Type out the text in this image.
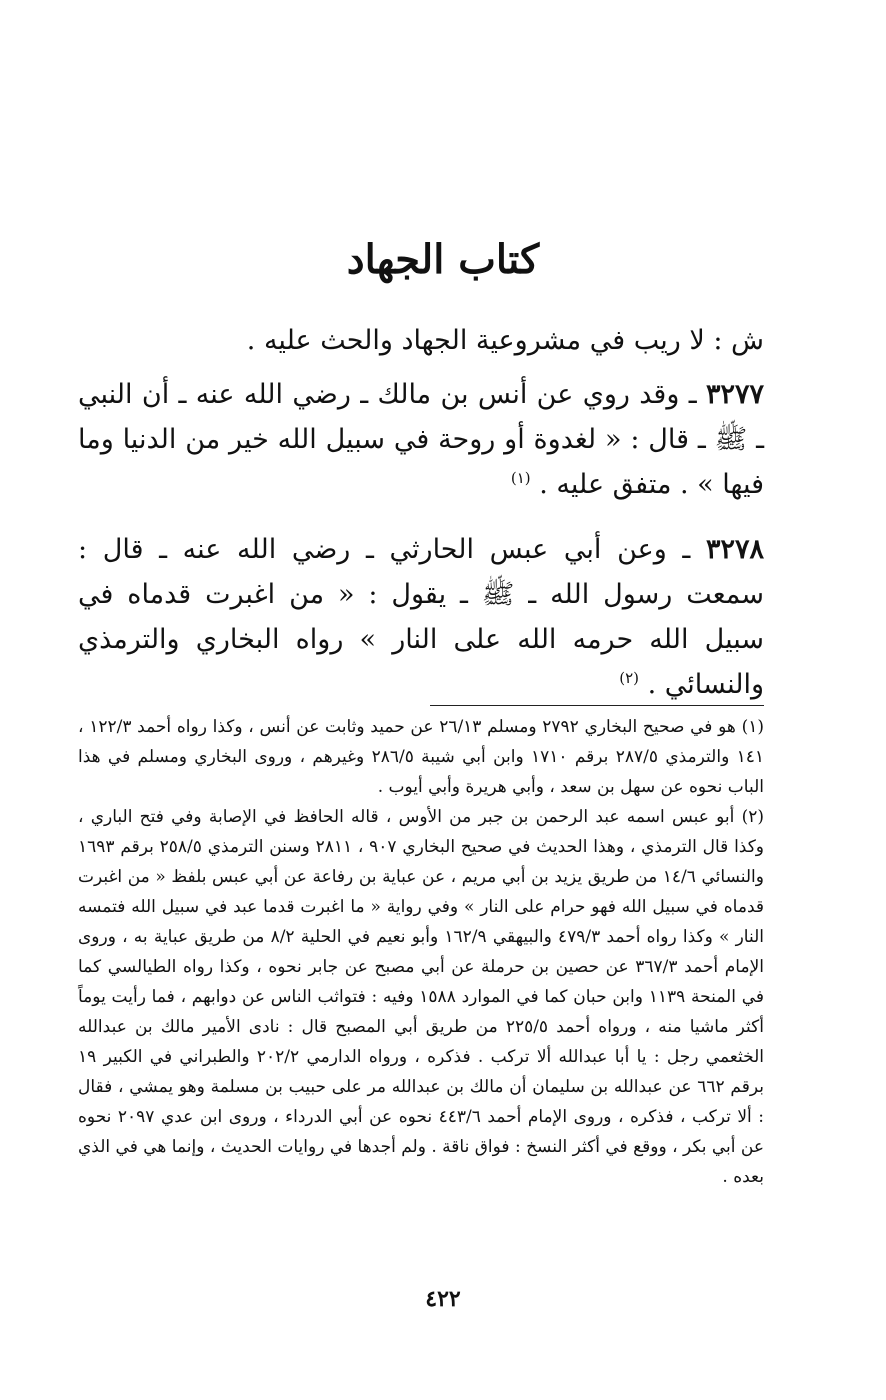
كتاب الجهاد

ش : لا ريب في مشروعية الجهاد والحث عليه .

٣٢٧٧ ـ وقد روي عن أنس بن مالك ـ رضي الله عنه ـ أن النبي ـ ﷺ ـ قال : « لغدوة أو روحة في سبيل الله خير من الدنيا وما فيها » . متفق عليه . $^{(١)}$

٣٢٧٨ ـ وعن أبي عبس الحارثي ـ رضي الله عنه ـ قال : سمعت رسول الله ـ ﷺ ـ يقول : « من اغبرت قدماه في سبيل الله حرمه الله على النار » رواه البخاري والترمذي والنسائي . $^{(٢)}$

(١) هو في صحيح البخاري ٢٧٩٢ ومسلم ٢٦/١٣ عن حميد وثابت عن أنس ، وكذا رواه أحمد ١٢٢/٣ ، ١٤١ والترمذي ٢٨٧/٥ برقم ١٧١٠ وابن أبي شيبة ٢٨٦/٥ وغيرهم ، وروى البخاري ومسلم في هذا الباب نحوه عن سهل بن سعد ، وأبي هريرة وأبي أيوب .

(٢) أبو عبس اسمه عبد الرحمن بن جبر من الأوس ، قاله الحافظ في الإصابة وفي فتح الباري ، وكذا قال الترمذي ، وهذا الحديث في صحيح البخاري ٩٠٧ ، ٢٨١١ وسنن الترمذي ٢٥٨/٥ برقم ١٦٩٣ والنسائي ١٤/٦ من طريق يزيد بن أبي مريم ، عن عباية بن رفاعة عن أبي عبس بلفظ « من اغبرت قدماه في سبيل الله فهو حرام على النار » وفي رواية « ما اغبرت قدما عبد في سبيل الله فتمسه النار » وكذا رواه أحمد ٤٧٩/٣ والبيهقي ١٦٢/٩ وأبو نعيم في الحلية ٨/٢ من طريق عباية به ، وروى الإمام أحمد ٣٦٧/٣ عن حصين بن حرملة عن أبي مصبح عن جابر نحوه ، وكذا رواه الطيالسي كما في المنحة ١١٣٩ وابن حبان كما في الموارد ١٥٨٨ وفيه : فتواثب الناس عن دوابهم ، فما رأيت يوماً أكثر ماشيا منه ، ورواه أحمد ٢٢٥/٥ من طريق أبي المصبح قال : نادى الأمير مالك بن عبدالله الخثعمي رجل : يا أبا عبدالله ألا تركب . فذكره ، ورواه الدارمي ٢٠٢/٢ والطبراني في الكبير ١٩ برقم ٦٦٢ عن عبدالله بن سليمان أن مالك بن عبدالله مر على حبيب بن مسلمة وهو يمشي ، فقال : ألا تركب ، فذكره ، وروى الإمام أحمد ٤٤٣/٦ نحوه عن أبي الدرداء ، وروى ابن عدي ٢٠٩٧ نحوه عن أبي بكر ، ووقع في أكثر النسخ : فواق ناقة . ولم أجدها في روايات الحديث ، وإنما هي في الذي بعده .

٤٢٢
